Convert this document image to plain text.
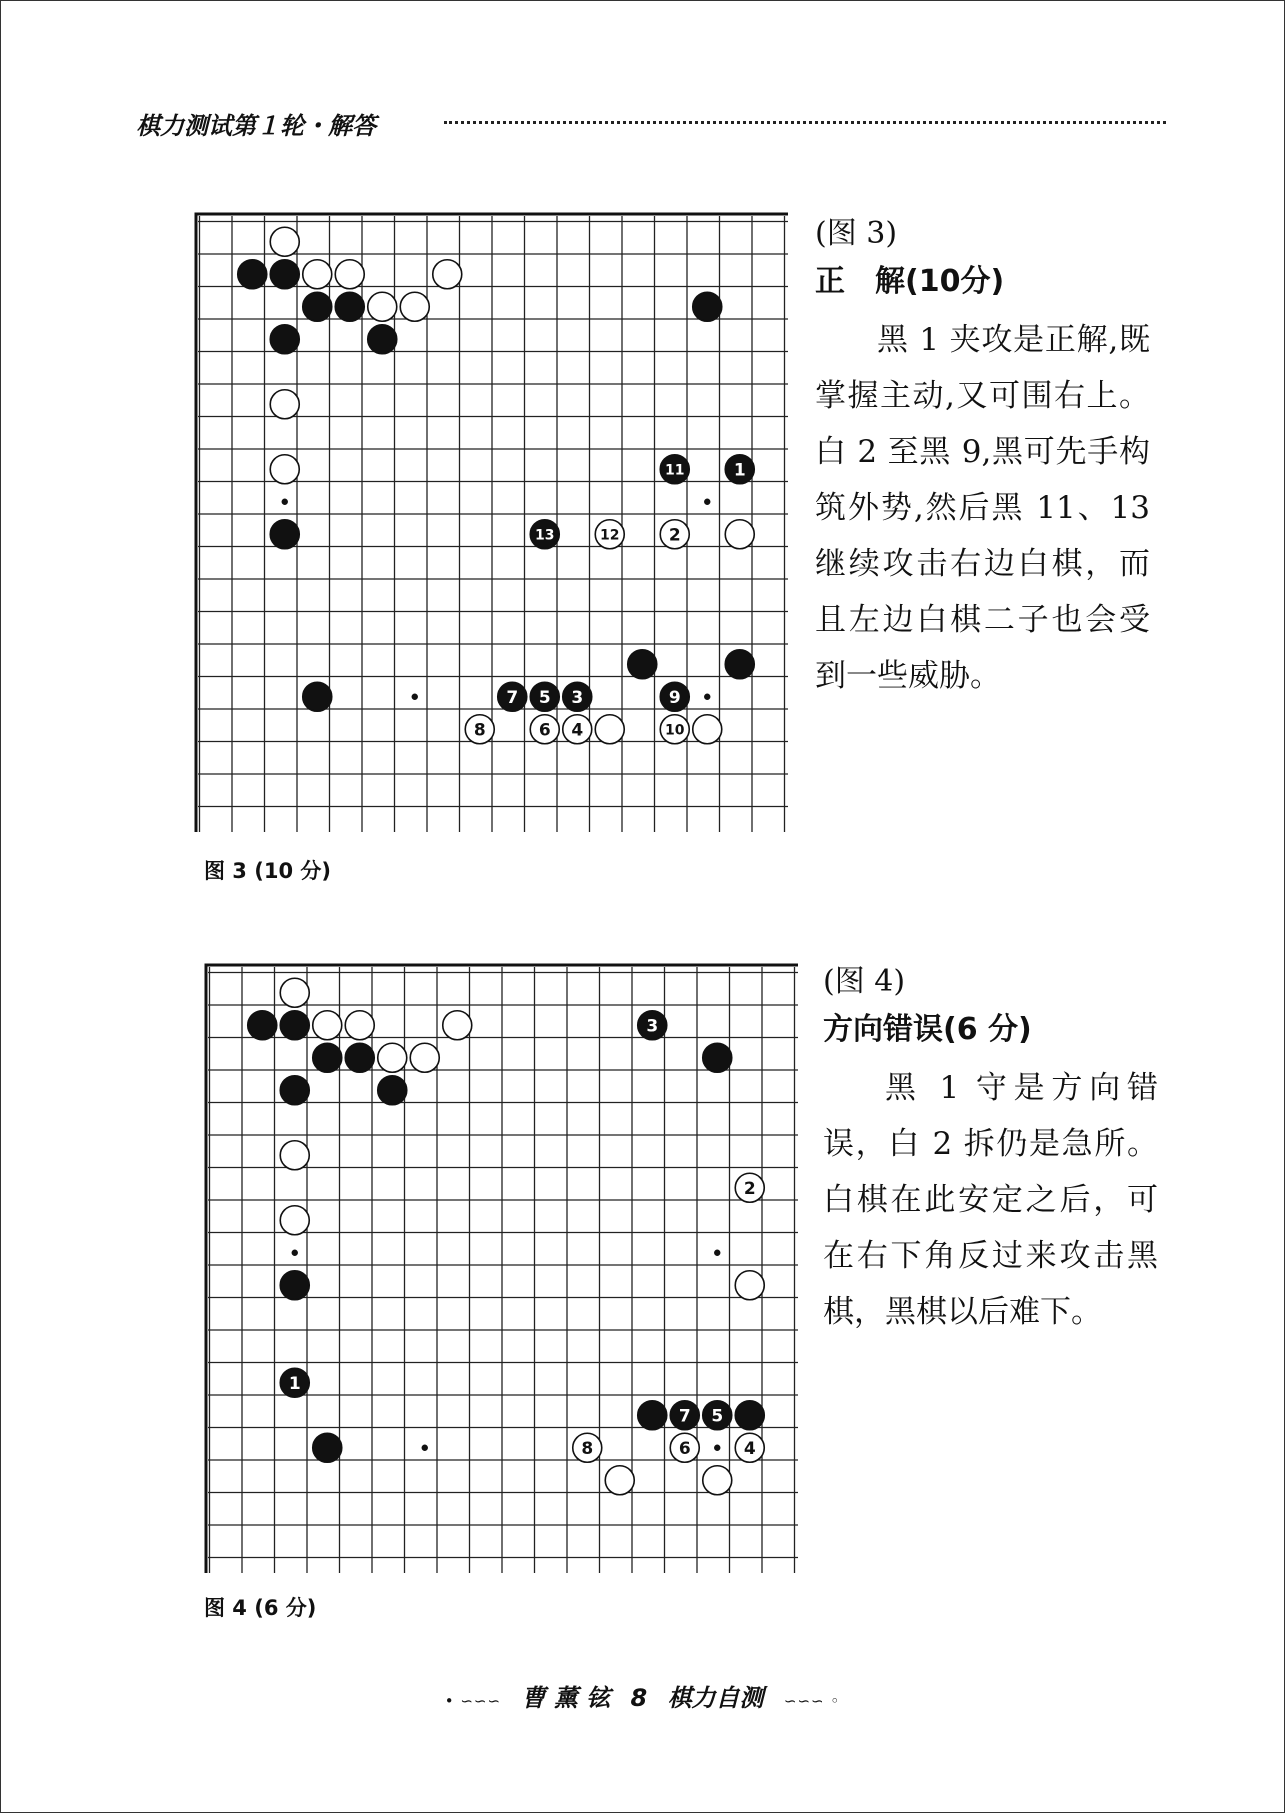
棋力测试第１轮・解答
11	1
13	12	2
7 5 3	9
8	6 4	10
图 3 (10 分)
(图 3)
正　解(10分)
黑 1 夹攻是正解,既掌握主动,又可围右上。白 2 至黑 9,黑可先手构筑外势,然后黑 11、13 继续攻击右边白棋，而且左边白棋二子也会受到一些威胁。
3
2
1
7 5
8	6	4
图 4 (6 分)
(图 4)
方向错误(6 分)
黑 1 守是方向错误，白 2 拆仍是急所。白棋在此安定之后，可在右下角反过来攻击黑棋，黑棋以后难下。
• ∽∽∽ 曹 薰 铉 8 棋力自测 ∽∽∽ ◦
